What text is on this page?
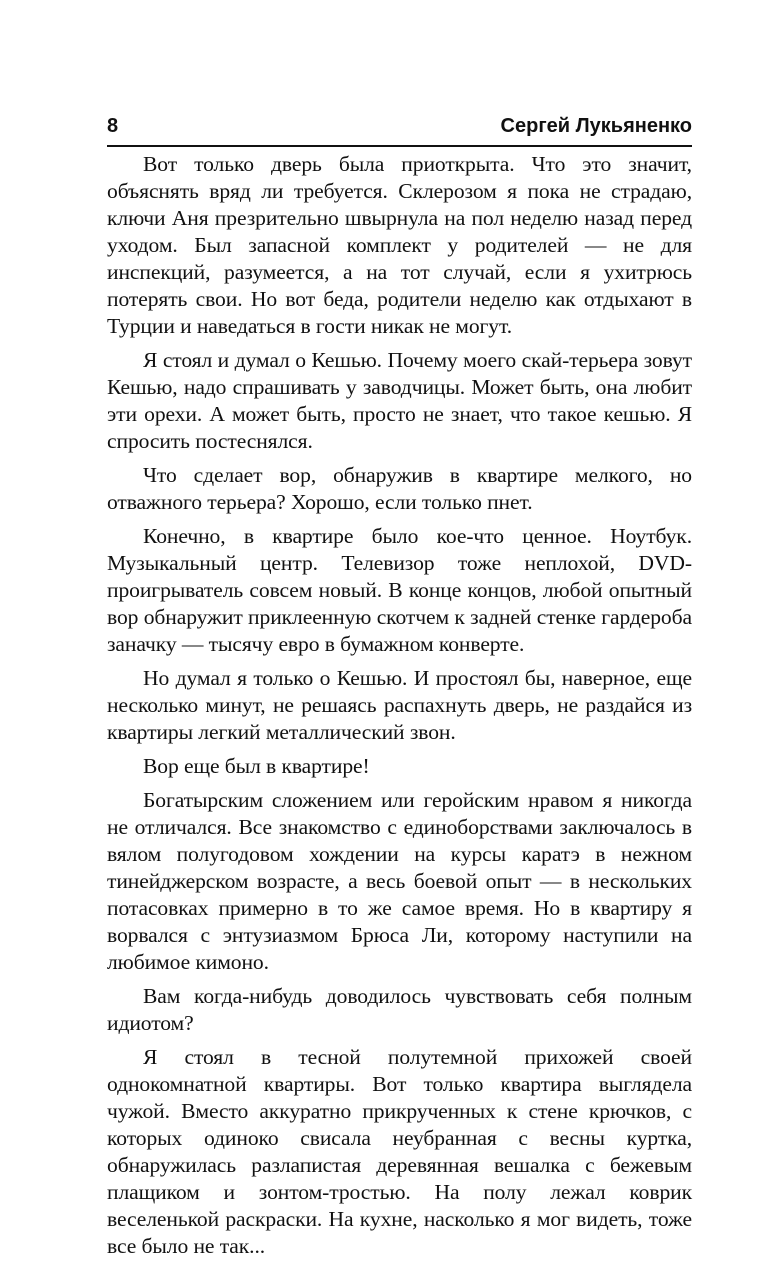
8	Сергей Лукьяненко

Вот только дверь была приоткрыта. Что это значит, объяснять вряд ли требуется. Склерозом я пока не страдаю, ключи Аня презрительно швырнула на пол неделю назад перед уходом. Был запасной комплект у родителей — не для инспекций, разумеется, а на тот случай, если я ухитрюсь потерять свои. Но вот беда, родители неделю как отдыхают в Турции и наведаться в гости никак не могут.

Я стоял и думал о Кешью. Почему моего скай-терьера зовут Кешью, надо спрашивать у заводчицы. Может быть, она любит эти орехи. А может быть, просто не знает, что такое кешью. Я спросить постеснялся.

Что сделает вор, обнаружив в квартире мелкого, но отважного терьера? Хорошо, если только пнет.

Конечно, в квартире было кое-что ценное. Ноутбук. Музыкальный центр. Телевизор тоже неплохой, DVD-проигрыватель совсем новый. В конце концов, любой опытный вор обнаружит приклеенную скотчем к задней стенке гардероба заначку — тысячу евро в бумажном конверте.

Но думал я только о Кешью. И простоял бы, наверное, еще несколько минут, не решаясь распахнуть дверь, не раздайся из квартиры легкий металлический звон.

Вор еще был в квартире!

Богатырским сложением или геройским нравом я никогда не отличался. Все знакомство с единоборствами заключалось в вялом полугодовом хождении на курсы каратэ в нежном тинейджерском возрасте, а весь боевой опыт — в нескольких потасовках примерно в то же самое время. Но в квартиру я ворвался с энтузиазмом Брюса Ли, которому наступили на любимое кимоно.

Вам когда-нибудь доводилось чувствовать себя полным идиотом?

Я стоял в тесной полутемной прихожей своей однокомнатной квартиры. Вот только квартира выглядела чужой. Вместо аккуратно прикрученных к стене крючков, с которых одиноко свисала неубранная с весны куртка, обнаружилась разлапистая деревянная вешалка с бежевым плащиком и зонтом-тростью. На полу лежал коврик веселенькой раскраски. На кухне, насколько я мог видеть, тоже все было не так...
